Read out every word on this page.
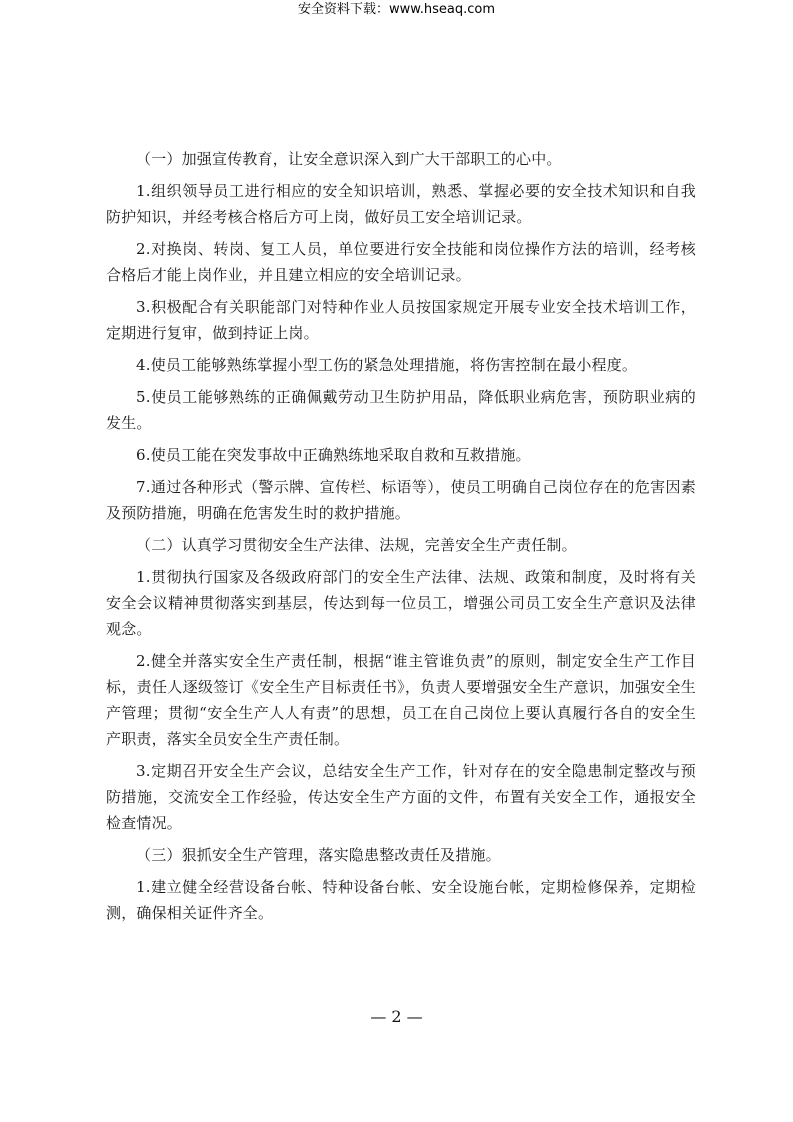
安全资料下载：www.hseaq.com

（一）加强宣传教育，让安全意识深入到广大干部职工的心中。

1.组织领导员工进行相应的安全知识培训，熟悉、掌握必要的安全技术知识和自我防护知识，并经考核合格后方可上岗，做好员工安全培训记录。

2.对换岗、转岗、复工人员，单位要进行安全技能和岗位操作方法的培训，经考核合格后才能上岗作业，并且建立相应的安全培训记录。

3.积极配合有关职能部门对特种作业人员按国家规定开展专业安全技术培训工作，定期进行复审，做到持证上岗。

4.使员工能够熟练掌握小型工伤的紧急处理措施，将伤害控制在最小程度。

5.使员工能够熟练的正确佩戴劳动卫生防护用品，降低职业病危害，预防职业病的发生。

6.使员工能在突发事故中正确熟练地采取自救和互救措施。

7.通过各种形式（警示牌、宣传栏、标语等），使员工明确自己岗位存在的危害因素及预防措施，明确在危害发生时的救护措施。

（二）认真学习贯彻安全生产法律、法规，完善安全生产责任制。

1.贯彻执行国家及各级政府部门的安全生产法律、法规、政策和制度，及时将有关安全会议精神贯彻落实到基层，传达到每一位员工，增强公司员工安全生产意识及法律观念。

2.健全并落实安全生产责任制，根据“谁主管谁负责”的原则，制定安全生产工作目标，责任人逐级签订《安全生产目标责任书》，负责人要增强安全生产意识，加强安全生产管理；贯彻“安全生产人人有责”的思想，员工在自己岗位上要认真履行各自的安全生产职责，落实全员安全生产责任制。

3.定期召开安全生产会议，总结安全生产工作，针对存在的安全隐患制定整改与预防措施，交流安全工作经验，传达安全生产方面的文件，布置有关安全工作，通报安全检查情况。

（三）狠抓安全生产管理，落实隐患整改责任及措施。

1.建立健全经营设备台帐、特种设备台帐、安全设施台帐，定期检修保养，定期检测，确保相关证件齐全。

— 2 —
